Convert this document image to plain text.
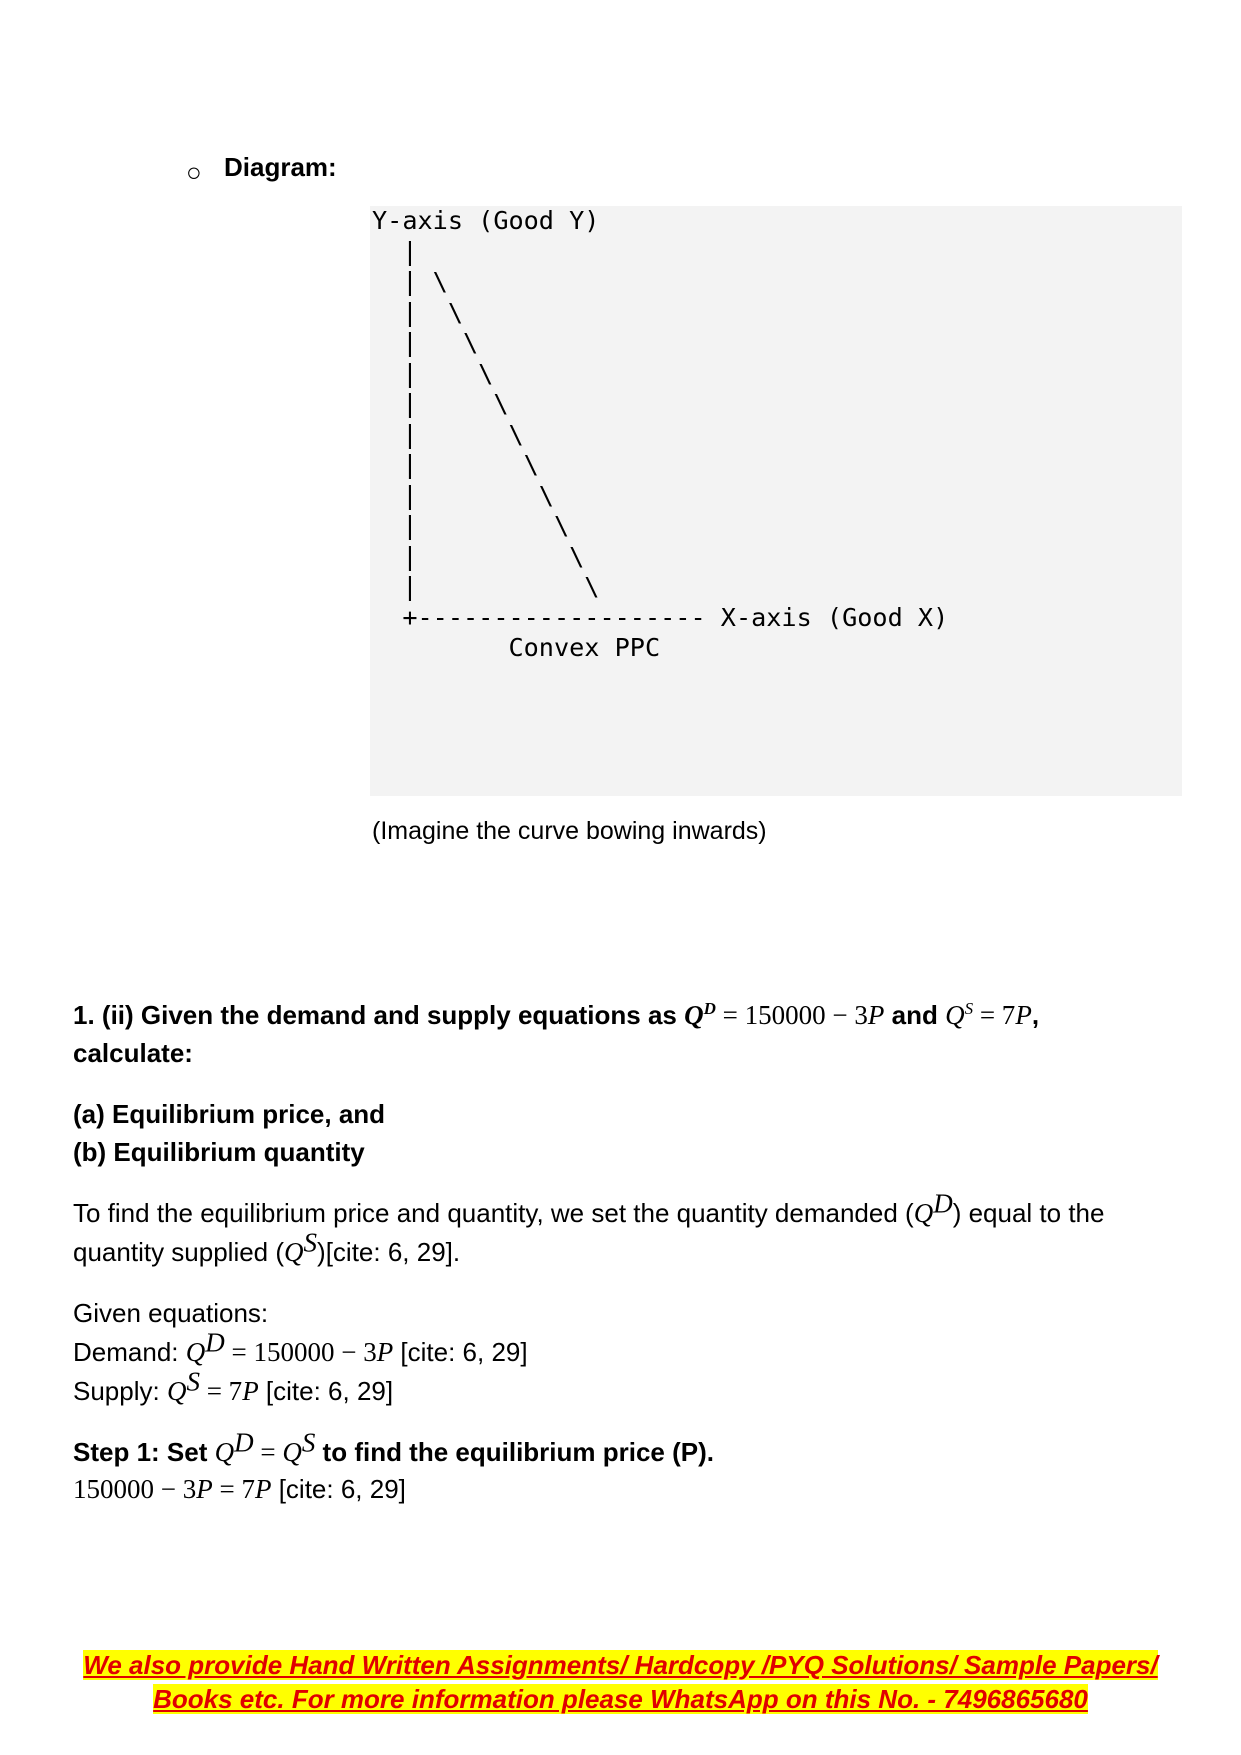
○ Diagram:
Y-axis (Good Y)
|
| \
|  \
|   \
|    \
|     \
|      \
|       \
|        \
|         \
|          \
|           \
+------------------- X-axis (Good X)
Convex PPC
(Imagine the curve bowing inwards)
1. (ii) Given the demand and supply equations as $Q^D = 150000 - 3P$ and $Q^S = 7P$,
calculate:
(a) Equilibrium price, and
(b) Equilibrium quantity
To find the equilibrium price and quantity, we set the quantity demanded $(Q^D)$ equal to the
quantity supplied $(Q^S)[cite$: 6, 29].
Given equations:
Demand: $Q^D = 150000 - 3P$ [cite: 6, 29]
Supply: $Q^S = 7P$ [cite: 6, 29]
Step 1: Set $Q^D = Q^S$ to find the equilibrium price (P).
150000 − 3P = 7P [cite: 6, 29]
We also provide Hand Written Assignments/ Hardcopy /PYQ Solutions/ Sample Papers/
Books etc. For more information please WhatsApp on this No. - 7496865680
